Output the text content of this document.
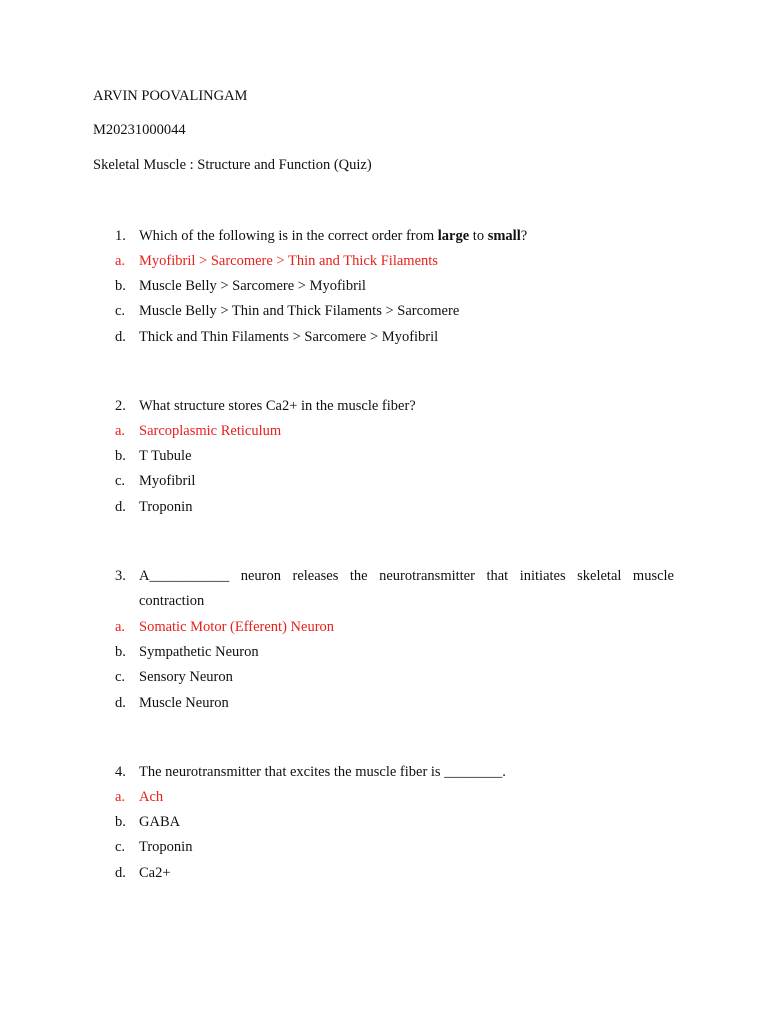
ARVIN POOVALINGAM
M20231000044
Skeletal Muscle : Structure and Function (Quiz)
1. Which of the following is in the correct order from large to small?
a. Myofibril > Sarcomere > Thin and Thick Filaments
b. Muscle Belly > Sarcomere > Myofibril
c. Muscle Belly > Thin and Thick Filaments > Sarcomere
d. Thick and Thin Filaments > Sarcomere > Myofibril
2. What structure stores Ca2+ in the muscle fiber?
a. Sarcoplasmic Reticulum
b. T Tubule
c. Myofibril
d. Troponin
3. A___________ neuron releases the neurotransmitter that initiates skeletal muscle
contraction
a. Somatic Motor (Efferent) Neuron
b. Sympathetic Neuron
c. Sensory Neuron
d. Muscle Neuron
4. The neurotransmitter that excites the muscle fiber is ________.
a. Ach
b. GABA
c. Troponin
d. Ca2+
